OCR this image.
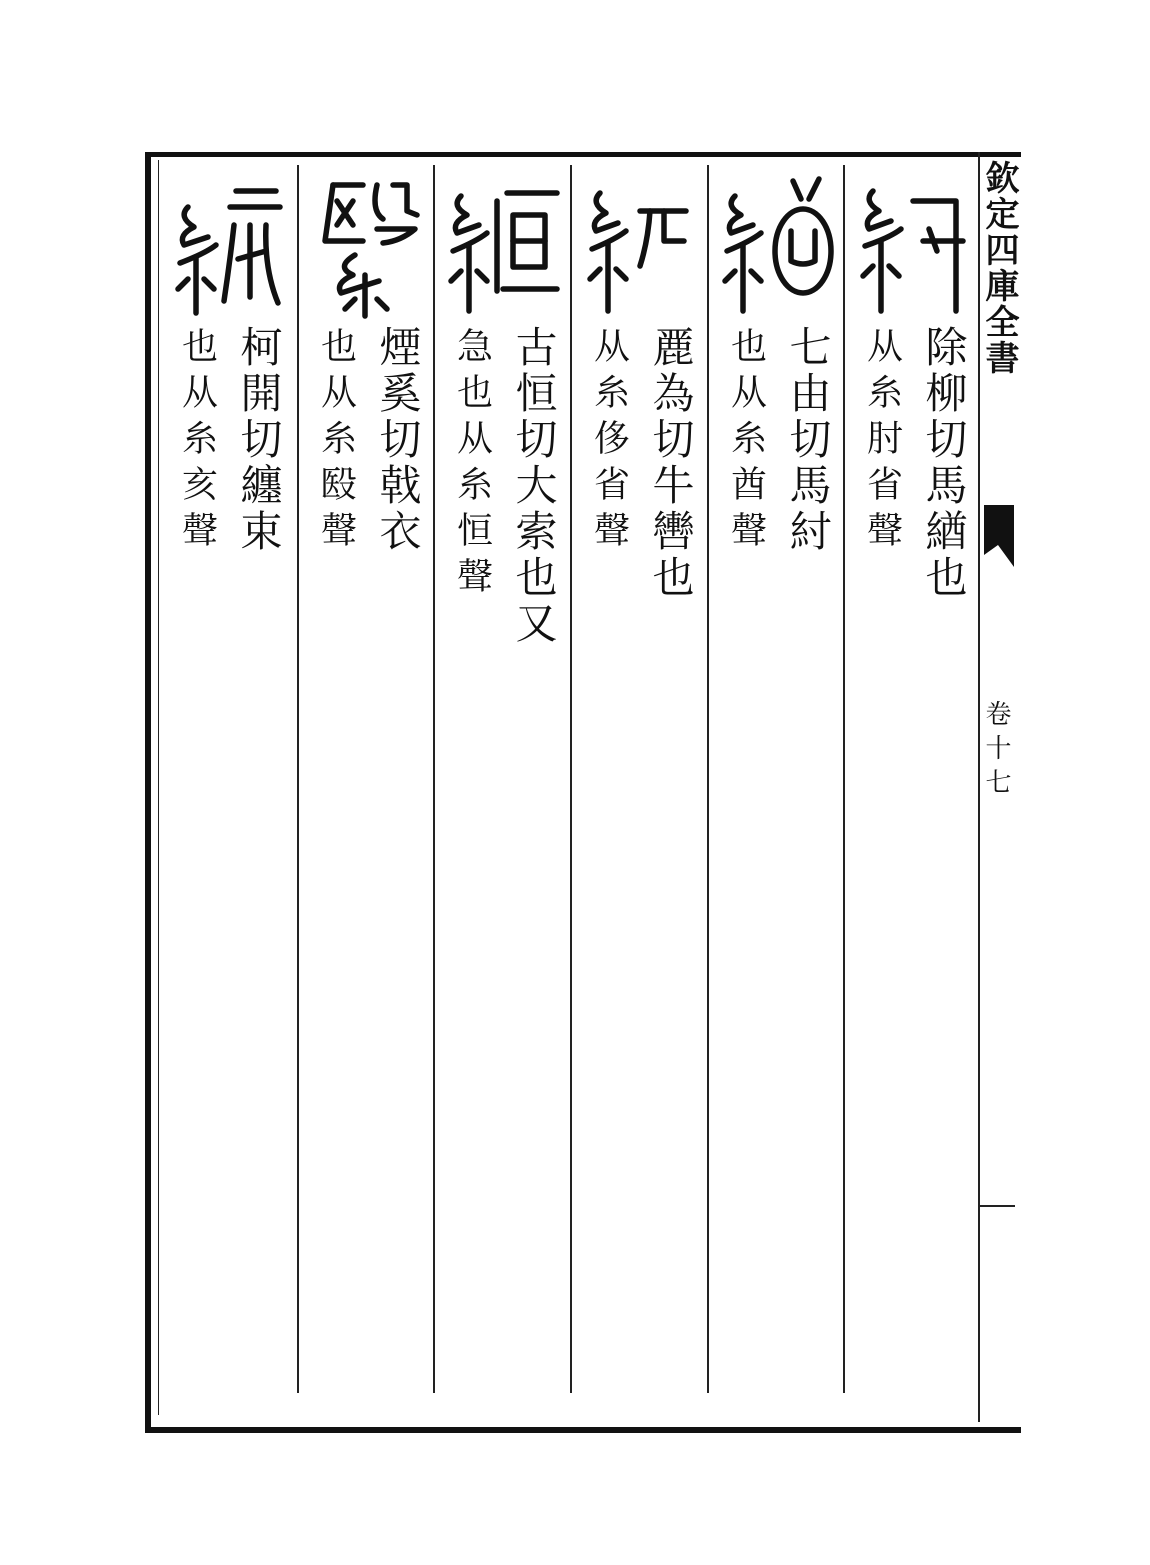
欽定四庫全書
卷十七
除柳切馬緧也
从糸肘省聲
七由切馬紂
也从糸酋聲
䴡為切牛轡也
从糸侈省聲
古恒切大索也又
急也从糸恒聲
煙奚切戟衣
也从糸殹聲
柯開切纏束
也从糸亥聲
